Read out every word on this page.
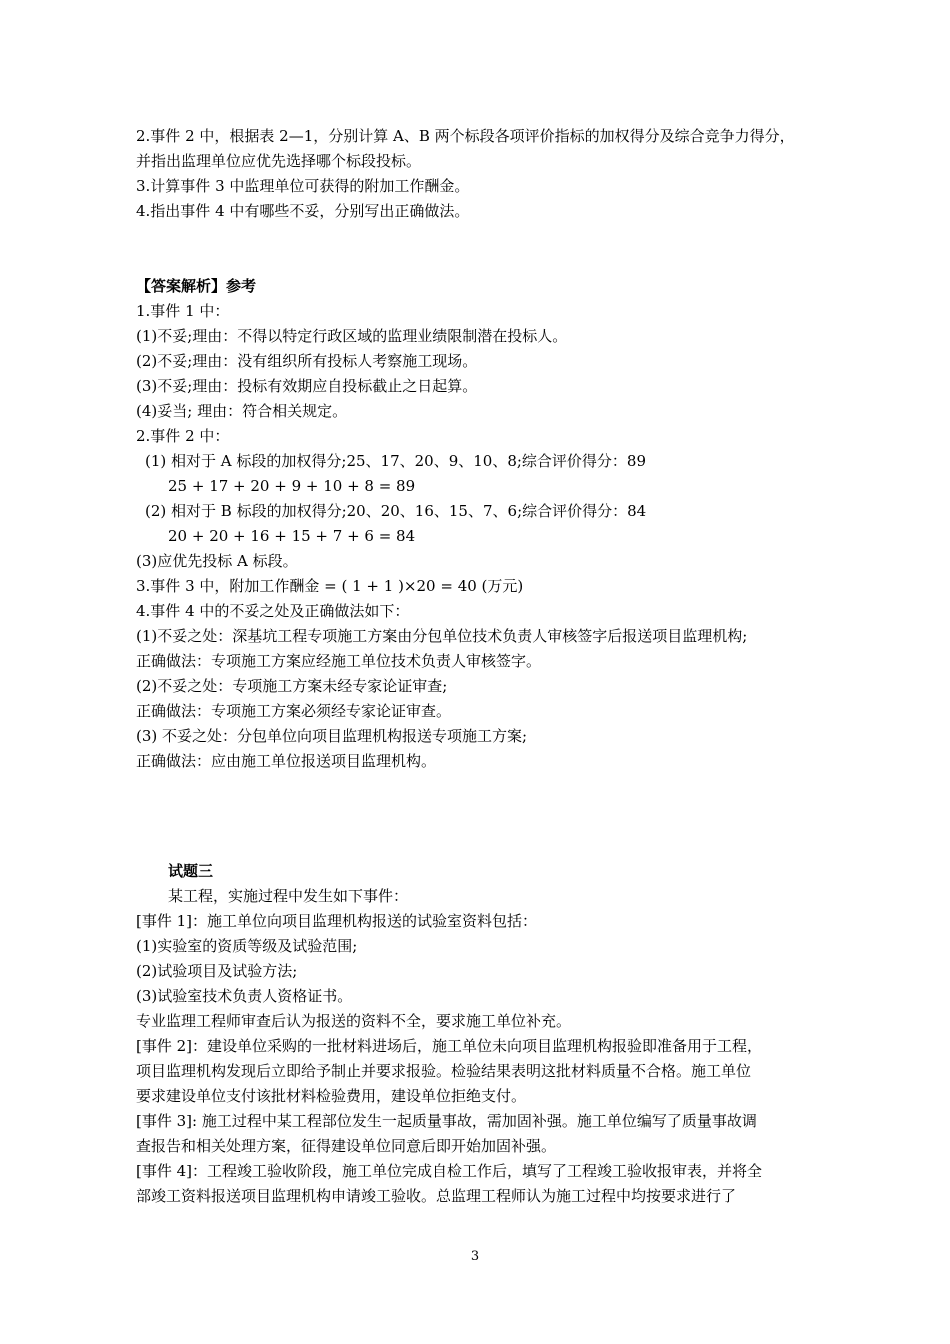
2.事件 2 中，根据表 2—1，分别计算 A、B 两个标段各项评价指标的加权得分及综合竞争力得分，
并指出监理单位应优先选择哪个标段投标。
3.计算事件 3 中监理单位可获得的附加工作酬金。
4.指出事件 4 中有哪些不妥，分别写出正确做法。
【答案解析】参考
1.事件 1 中：
(1)不妥;理由：不得以特定行政区域的监理业绩限制潜在投标人。
(2)不妥;理由：没有组织所有投标人考察施工现场。
(3)不妥;理由：投标有效期应自投标截止之日起算。
(4)妥当; 理由：符合相关规定。
2.事件 2 中：
(1) 相对于 A 标段的加权得分;25、17、20、9、10、8;综合评价得分：89
25 + 17 + 20 + 9 + 10 + 8 = 89
(2) 相对于 B 标段的加权得分;20、20、16、15、7、6;综合评价得分：84
20 + 20 + 16 + 15 + 7 + 6 = 84
(3)应优先投标 A 标段。
3.事件 3 中，附加工作酬金 = ( 1 + 1 )×20 = 40 (万元)
4.事件 4 中的不妥之处及正确做法如下：
(1)不妥之处：深基坑工程专项施工方案由分包单位技术负责人审核签字后报送项目监理机构;
正确做法：专项施工方案应经施工单位技术负责人审核签字。
(2)不妥之处：专项施工方案未经专家论证审查;
正确做法：专项施工方案必须经专家论证审查。
(3) 不妥之处：分包单位向项目监理机构报送专项施工方案;
正确做法：应由施工单位报送项目监理机构。
试题三
某工程，实施过程中发生如下事件：
[事件 1]：施工单位向项目监理机构报送的试验室资料包括：
(1)实验室的资质等级及试验范围;
(2)试验项目及试验方法;
(3)试验室技术负责人资格证书。
专业监理工程师审查后认为报送的资料不全，要求施工单位补充。
[事件 2]：建设单位采购的一批材料进场后，施工单位未向项目监理机构报验即准备用于工程，
项目监理机构发现后立即给予制止并要求报验。检验结果表明这批材料质量不合格。施工单位
要求建设单位支付该批材料检验费用，建设单位拒绝支付。
[事件 3]: 施工过程中某工程部位发生一起质量事故，需加固补强。施工单位编写了质量事故调
查报告和相关处理方案，征得建设单位同意后即开始加固补强。
[事件 4]：工程竣工验收阶段，施工单位完成自检工作后，填写了工程竣工验收报审表，并将全
部竣工资料报送项目监理机构申请竣工验收。总监理工程师认为施工过程中均按要求进行了
3
